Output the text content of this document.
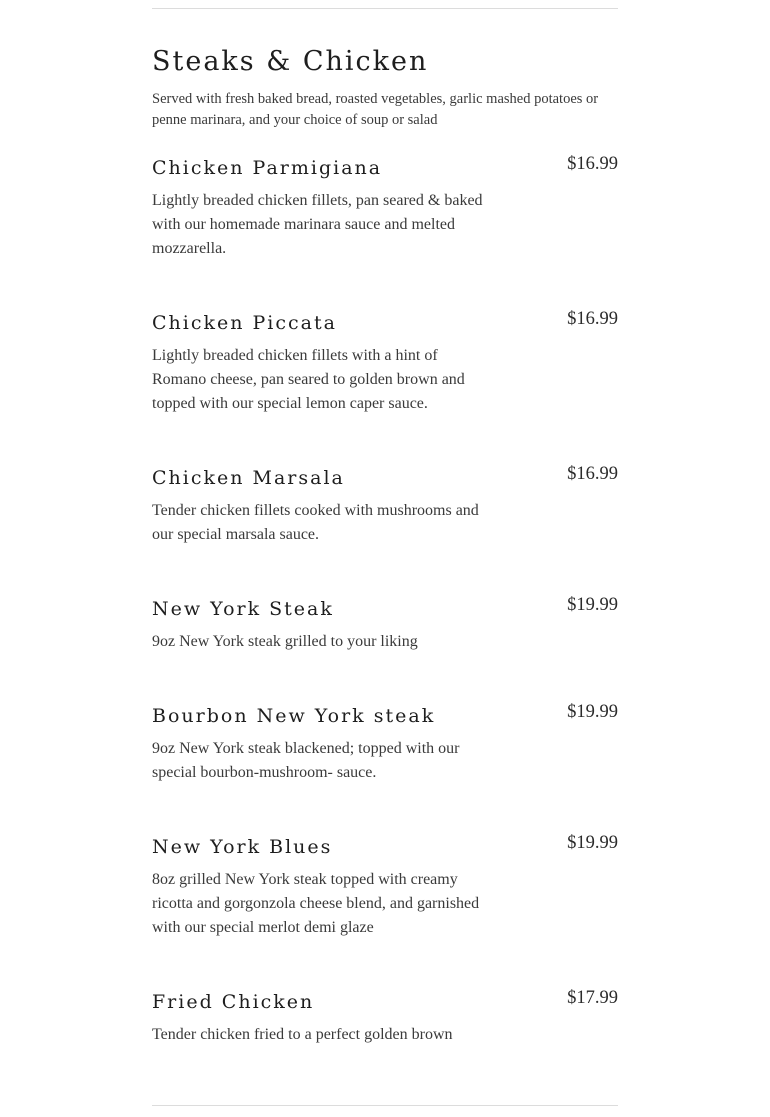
Steaks & Chicken

Served with fresh baked bread, roasted vegetables, garlic mashed potatoes or penne marinara, and your choice of soup or salad

Chicken Parmigiana	$16.99

Lightly breaded chicken fillets, pan seared & baked with our homemade marinara sauce and melted mozzarella.

Chicken Piccata	$16.99

Lightly breaded chicken fillets with a hint of Romano cheese, pan seared to golden brown and topped with our special lemon caper sauce.

Chicken Marsala	$16.99

Tender chicken fillets cooked with mushrooms and our special marsala sauce.

New York Steak	$19.99

9oz New York steak grilled to your liking

Bourbon New York steak	$19.99

9oz New York steak blackened; topped with our special bourbon-mushroom- sauce.

New York Blues	$19.99

8oz grilled New York steak topped with creamy ricotta and gorgonzola cheese blend, and garnished with our special merlot demi glaze

Fried Chicken	$17.99

Tender chicken fried to a perfect golden brown
